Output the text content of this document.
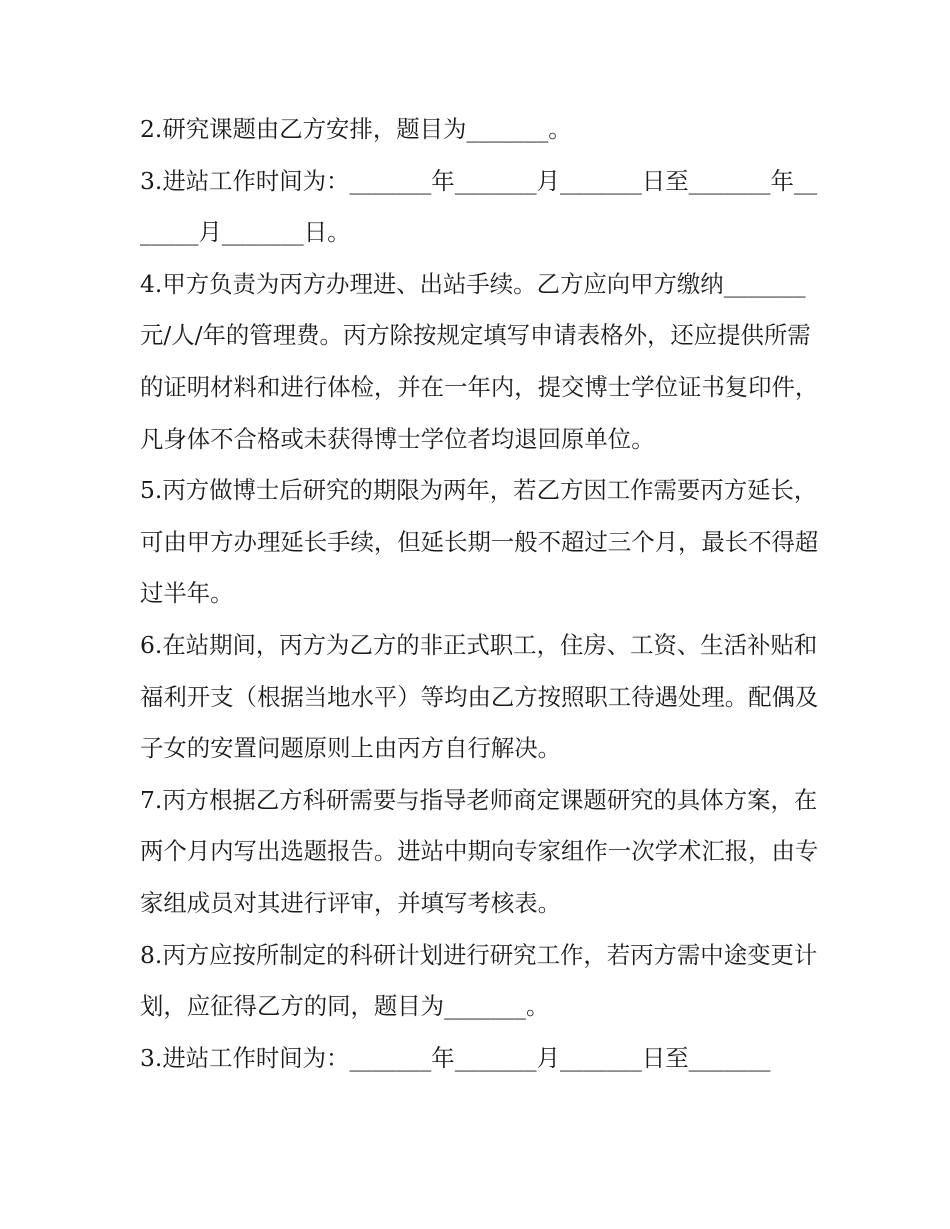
2.研究课题由乙方安排，题目为_______。

3.进站工作时间为：_______年_______月_______日至_______年_______月_______日。

4.甲方负责为丙方办理进、出站手续。乙方应向甲方缴纳_______元/人/年的管理费。丙方除按规定填写申请表格外，还应提供所需的证明材料和进行体检，并在一年内，提交博士学位证书复印件，凡身体不合格或未获得博士学位者均退回原单位。

5.丙方做博士后研究的期限为两年，若乙方因工作需要丙方延长，可由甲方办理延长手续，但延长期一般不超过三个月，最长不得超过半年。

6.在站期间，丙方为乙方的非正式职工，住房、工资、生活补贴和福利开支（根据当地水平）等均由乙方按照职工待遇处理。配偶及子女的安置问题原则上由丙方自行解决。

7.丙方根据乙方科研需要与指导老师商定课题研究的具体方案，在两个月内写出选题报告。进站中期向专家组作一次学术汇报，由专家组成员对其进行评审，并填写考核表。

8.丙方应按所制定的科研计划进行研究工作，若丙方需中途变更计划，应征得乙方的同，题目为_______。

3.进站工作时间为：_______年_______月_______日至_______
